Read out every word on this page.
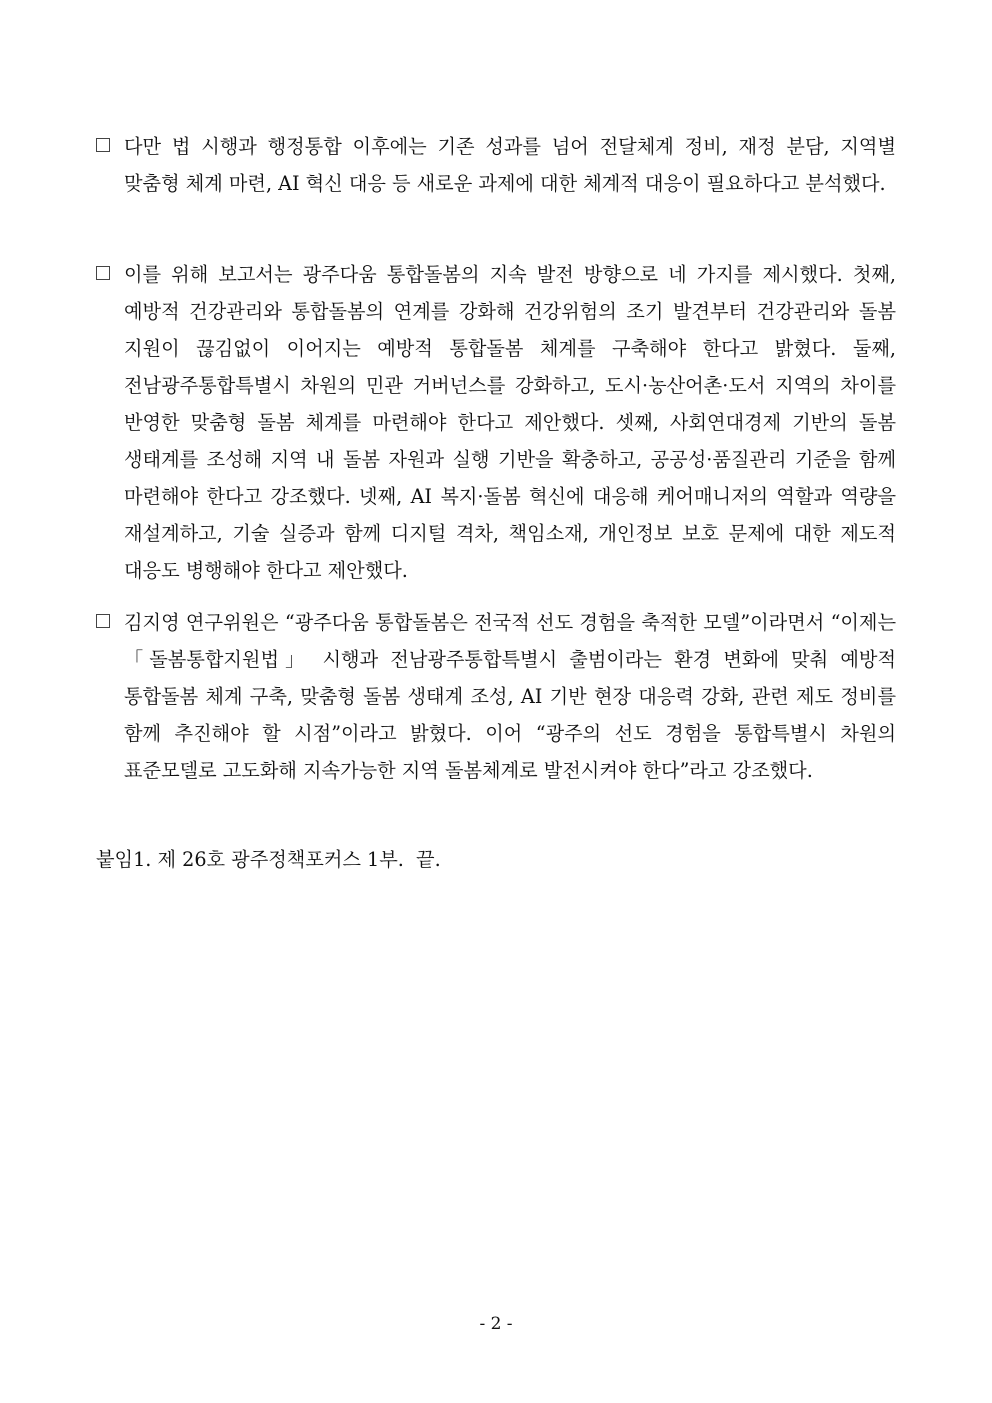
다만 법 시행과 행정통합 이후에는 기존 성과를 넘어 전달체계 정비, 재정 분담, 지역별 맞춤형 체계 마련, AI 혁신 대응 등 새로운 과제에 대한 체계적 대응이 필요하다고 분석했다.
이를 위해 보고서는 광주다움 통합돌봄의 지속 발전 방향으로 네 가지를 제시했다. 첫째, 예방적 건강관리와 통합돌봄의 연계를 강화해 건강위험의 조기 발견부터 건강관리와 돌봄 지원이 끊김없이 이어지는 예방적 통합돌봄 체계를 구축해야 한다고 밝혔다. 둘째, 전남광주통합특별시 차원의 민관 거버넌스를 강화하고, 도시·농산어촌·도서 지역의 차이를 반영한 맞춤형 돌봄 체계를 마련해야 한다고 제안했다. 셋째, 사회연대경제 기반의 돌봄 생태계를 조성해 지역 내 돌봄 자원과 실행 기반을 확충하고, 공공성·품질관리 기준을 함께 마련해야 한다고 강조했다. 넷째, AI 복지·돌봄 혁신에 대응해 케어매니저의 역할과 역량을 재설계하고, 기술 실증과 함께 디지털 격차, 책임소재, 개인정보 보호 문제에 대한 제도적 대응도 병행해야 한다고 제안했다.
김지영 연구위원은 “광주다움 통합돌봄은 전국적 선도 경험을 축적한 모델”이라면서 “이제는 「돌봄통합지원법」 시행과 전남광주통합특별시 출범이라는 환경 변화에 맞춰 예방적 통합돌봄 체계 구축, 맞춤형 돌봄 생태계 조성, AI 기반 현장 대응력 강화, 관련 제도 정비를 함께 추진해야 할 시점”이라고 밝혔다. 이어 “광주의 선도 경험을 통합특별시 차원의 표준모델로 고도화해 지속가능한 지역 돌봄체계로 발전시켜야 한다”라고 강조했다.
붙임1. 제 26호 광주정책포커스 1부.  끝.
- 2 -
